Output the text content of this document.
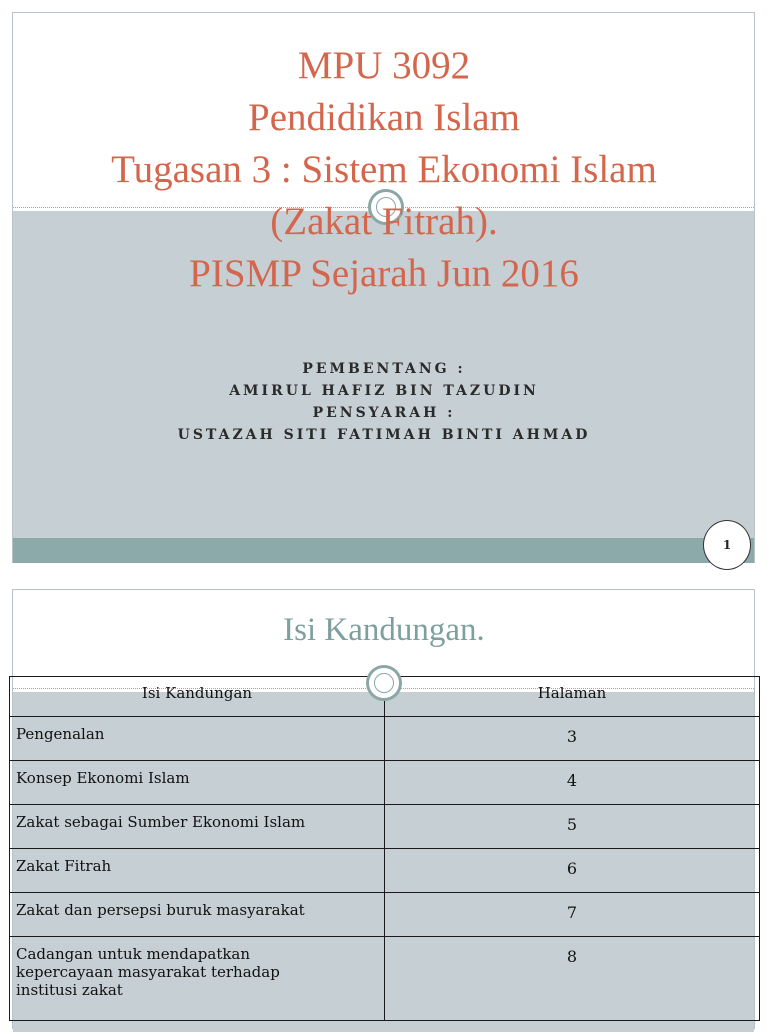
MPU 3092
Pendidikan Islam
Tugasan 3 : Sistem Ekonomi Islam
(Zakat Fitrah).
PISMP Sejarah Jun 2016
PEMBENTANG :
AMIRUL HAFIZ BIN TAZUDIN
PENSYARAH :
USTAZAH SITI FATIMAH BINTI AHMAD
1
Isi Kandungan.
Isi Kandungan	Halaman
Pengenalan	3
Konsep Ekonomi Islam	4
Zakat sebagai Sumber Ekonomi Islam	5
Zakat Fitrah	6
Zakat dan persepsi buruk masyarakat	7
Cadangan untuk mendapatkan kepercayaan masyarakat terhadap institusi zakat	8
